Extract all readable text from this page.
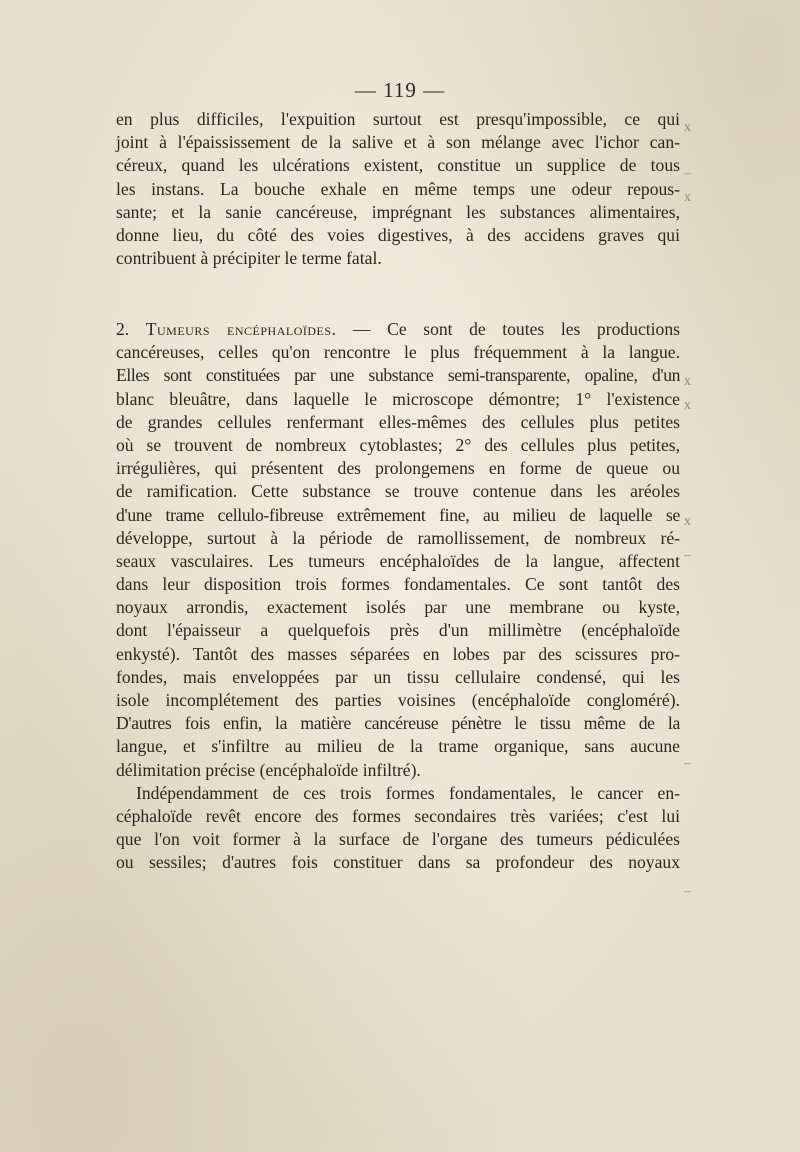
— 119 —
en plus difficiles, l'expuition surtout est presqu'impossible, ce qui
joint à l'épaississement de la salive et à son mélange avec l'ichor can-
céreux, quand les ulcérations existent, constitue un supplice de tous
les instans. La bouche exhale en même temps une odeur repous-
sante; et la sanie cancéreuse, imprégnant les substances alimentaires,
donne lieu, du côté des voies digestives, à des accidens graves qui
contribuent à précipiter le terme fatal.
2. Tumeurs encéphaloïdes. — Ce sont de toutes les productions
cancéreuses, celles qu'on rencontre le plus fréquemment à la langue.
Elles sont constituées par une substance semi-transparente, opaline, d'un
blanc bleuâtre, dans laquelle le microscope démontre; 1° l'existence
de grandes cellules renfermant elles-mêmes des cellules plus petites
où se trouvent de nombreux cytoblastes; 2° des cellules plus petites,
irrégulières, qui présentent des prolongemens en forme de queue ou
de ramification. Cette substance se trouve contenue dans les aréoles
d'une trame cellulo-fibreuse extrêmement fine, au milieu de laquelle se
développe, surtout à la période de ramollissement, de nombreux ré-
seaux vasculaires. Les tumeurs encéphaloïdes de la langue, affectent
dans leur disposition trois formes fondamentales. Ce sont tantôt des
noyaux arrondis, exactement isolés par une membrane ou kyste,
dont l'épaisseur a quelquefois près d'un millimètre (encéphaloïde
enkysté). Tantôt des masses séparées en lobes par des scissures pro-
fondes, mais enveloppées par un tissu cellulaire condensé, qui les
isole incomplétement des parties voisines (encéphaloïde congloméré).
D'autres fois enfin, la matière cancéreuse pénètre le tissu même de la
langue, et s'infiltre au milieu de la trame organique, sans aucune
délimitation précise (encéphaloïde infiltré).
Indépendamment de ces trois formes fondamentales, le cancer en-
céphaloïde revêt encore des formes secondaires très variées; c'est lui
que l'on voit former à la surface de l'organe des tumeurs pédiculées
ou sessiles; d'autres fois constituer dans sa profondeur des noyaux
x
–
x
x
x
x
–
–
–
